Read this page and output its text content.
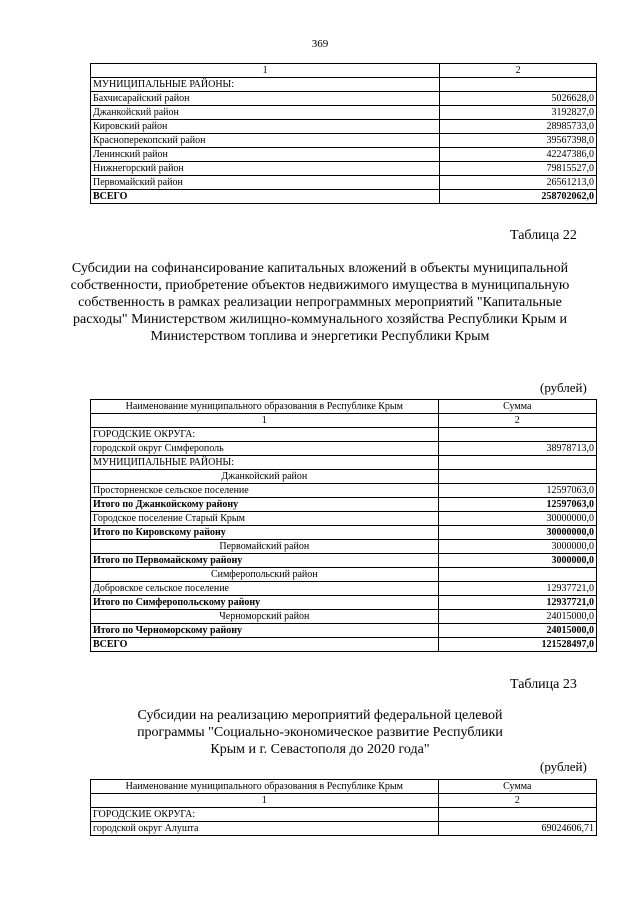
369
1	2
МУНИЦИПАЛЬНЫЕ РАЙОНЫ:	
Бахчисарайский район	5026628,0
Джанкойский район	3192827,0
Кировский район	28985733,0
Красноперекопский район	39567398,0
Ленинский район	42247386,0
Нижнегорский район	79815527,0
Первомайский район	26561213,0
ВСЕГО	258702062,0
Таблица 22
Субсидии на софинансирование капитальных вложений в объекты муниципальной собственности, приобретение объектов недвижимого имущества в муниципальную собственность в рамках реализации непрограммных мероприятий "Капитальные расходы" Министерством жилищно-коммунального хозяйства Республики Крым и Министерством топлива и энергетики Республики Крым
(рублей)
Наименование муниципального образования в Республике Крым	Сумма
1	2
ГОРОДСКИЕ ОКРУГА:	
городской округ Симферополь	38978713,0
МУНИЦИПАЛЬНЫЕ РАЙОНЫ:	
Джанкойский район	
Просторненское сельское поселение	12597063,0
Итого по Джанкойскому району	12597063,0
Городское поселение Старый Крым	30000000,0
Итого по Кировскому району	30000000,0
Первомайский район	3000000,0
Итого по Первомайскому району	3000000,0
Симферопольский район	
Добровское сельское поселение	12937721,0
Итого по Симферопольскому району	12937721,0
Черноморский район	24015000,0
Итого по Черноморскому району	24015000,0
ВСЕГО	121528497,0
Таблица 23
Субсидии на реализацию мероприятий федеральной целевой программы "Социально-экономическое развитие Республики Крым и г. Севастополя до 2020 года"
(рублей)
Наименование муниципального образования в Республике Крым	Сумма
1	2
ГОРОДСКИЕ ОКРУГА:	
городской округ Алушта	69024606,71
